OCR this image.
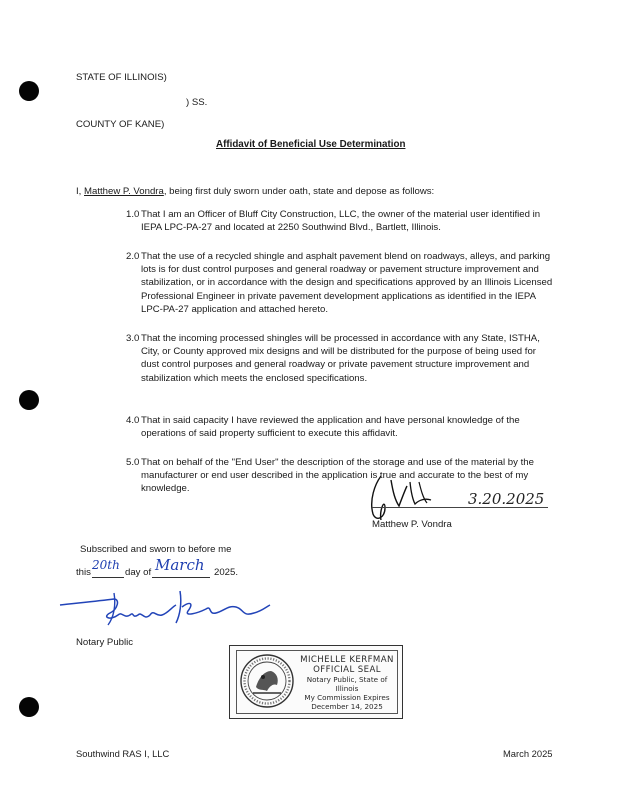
STATE OF ILLINOIS)
) SS.
COUNTY OF KANE)
Affidavit of Beneficial Use Determination
I, Matthew P. Vondra, being first duly sworn under oath, state and depose as follows:
1.0 That I am an Officer of Bluff City Construction, LLC, the owner of the material user identified in IEPA LPC-PA-27 and located at 2250 Southwind Blvd., Bartlett, Illinois.
2.0 That the use of a recycled shingle and asphalt pavement blend on roadways, alleys, and parking lots is for dust control purposes and general roadway or pavement structure improvement and stabilization, or in accordance with the design and specifications approved by an Illinois Licensed Professional Engineer in private pavement development applications as identified in the IEPA LPC-PA-27 application and attached hereto.
3.0 That the incoming processed shingles will be processed in accordance with any State, ISTHA, City, or County approved mix designs and will be distributed for the purpose of being used for dust control purposes and general roadway or private pavement structure improvement and stabilization which meets the enclosed specifications.
4.0 That in said capacity I have reviewed the application and have personal knowledge of the operations of said property sufficient to execute this affidavit.
5.0 That on behalf of the "End User" the description of the storage and use of the material by the manufacturer or end user described in the application is true and accurate to the best of my knowledge.
3.20.2025
Matthew P. Vondra
Subscribed and sworn to before me
this
20th
day of March 2025.
Notary Public
MICHELLE KERFMAN
OFFICIAL SEAL
Notary Public, State of Illinois
My Commission Expires
December 14, 2025
Southwind RAS I, LLC	March 2025
